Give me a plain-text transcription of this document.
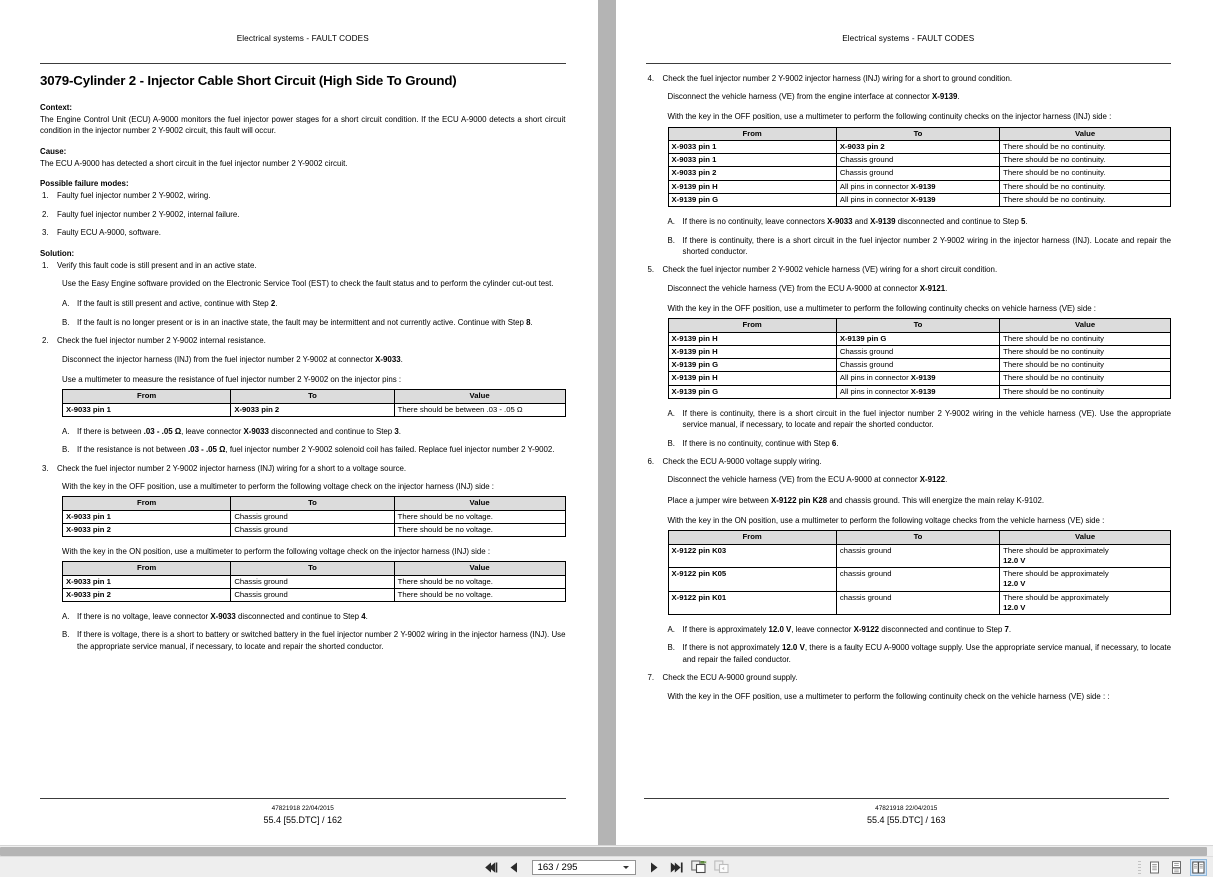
Electrical systems - FAULT CODES
3079-Cylinder 2 - Injector Cable Short Circuit (High Side To Ground)
Context:

The Engine Control Unit (ECU) A-9000 monitors the fuel injector power stages for a short circuit condition. If the ECU A-9000 detects a short circuit condition in the injector number 2 Y-9002 circuit, this fault will occur.

Cause:

The ECU A-9000 has detected a short circuit in the fuel injector number 2 Y-9002 circuit.

Possible failure modes:
1.	Faulty fuel injector number 2 Y-9002, wiring.
2.	Faulty fuel injector number 2 Y-9002, internal failure.
3.	Faulty ECU A-9000, software.
Solution:
1.	Verify this fault code is still present and in an active state.

Use the Easy Engine software provided on the Electronic Service Tool (EST) to check the fault status and to perform the cylinder cut-out test.

A. If the fault is still present and active, continue with Step 2.
B. If the fault is no longer present or is in an inactive state, the fault may be intermittent and not currently active. Continue with Step 8.
2.	Check the fuel injector number 2 Y-9002 internal resistance.

Disconnect the injector harness (INJ) from the fuel injector number 2 Y-9002 at connector X-9033.

Use a multimeter to measure the resistance of fuel injector number 2 Y-9002 on the injector pins :

From	To	Value
X-9033 pin 1	X-9033 pin 2	There should be between .03 - .05 Ω
A. If there is between .03 - .05 Ω, leave connector X-9033 disconnected and continue to Step 3.
B. If the resistance is not between .03 - .05 Ω, fuel injector number 2 Y-9002 solenoid coil has failed. Replace fuel injector number 2 Y-9002.
3.	Check the fuel injector number 2 Y-9002 injector harness (INJ) wiring for a short to a voltage source.

With the key in the OFF position, use a multimeter to perform the following voltage check on the injector harness (INJ) side :

From	To	Value
X-9033 pin 1	Chassis ground	There should be no voltage.
X-9033 pin 2	Chassis ground	There should be no voltage.

With the key in the ON position, use a multimeter to perform the following voltage check on the injector harness (INJ) side :

From	To	Value
X-9033 pin 1	Chassis ground	There should be no voltage.
X-9033 pin 2	Chassis ground	There should be no voltage.
A. If there is no voltage, leave connector X-9033 disconnected and continue to Step 4.
B. If there is voltage, there is a short to battery or switched battery in the fuel injector number 2 Y-9002 wiring in the injector harness (INJ). Use the appropriate service manual, if necessary, to locate and repair the shorted conductor.
47821918 22/04/2015
55.4 [55.DTC] / 162
Electrical systems - FAULT CODES
4.	Check the fuel injector number 2 Y-9002 injector harness (INJ) wiring for a short to ground condition.

Disconnect the vehicle harness (VE) from the engine interface at connector X-9139.

With the key in the OFF position, use a multimeter to perform the following continuity checks on the injector harness (INJ) side :

From	To	Value
X-9033 pin 1	X-9033 pin 2	There should be no continuity.
X-9033 pin 1	Chassis ground	There should be no continuity.
X-9033 pin 2	Chassis ground	There should be no continuity.
X-9139 pin H	All pins in connector X-9139	There should be no continuity.
X-9139 pin G	All pins in connector X-9139	There should be no continuity.
A. If there is no continuity, leave connectors X-9033 and X-9139 disconnected and continue to Step 5.
B. If there is continuity, there is a short circuit in the fuel injector number 2 Y-9002 wiring in the injector harness (INJ). Locate and repair the shorted conductor.
5.	Check the fuel injector number 2 Y-9002 vehicle harness (VE) wiring for a short circuit condition.

Disconnect the vehicle harness (VE) from the ECU A-9000 at connector X-9121.

With the key in the OFF position, use a multimeter to perform the following continuity checks on vehicle harness (VE) side :

From	To	Value
X-9139 pin H	X-9139 pin G	There should be no continuity
X-9139 pin H	Chassis ground	There should be no continuity
X-9139 pin G	Chassis ground	There should be no continuity
X-9139 pin H	All pins in connector X-9139	There should be no continuity
X-9139 pin G	All pins in connector X-9139	There should be no continuity
A. If there is continuity, there is a short circuit in the fuel injector number 2 Y-9002 wiring in the vehicle harness (VE). Use the appropriate service manual, if necessary, to locate and repair the shorted conductor.
B. If there is no continuity, continue with Step 6.
6.	Check the ECU A-9000 voltage supply wiring.

Disconnect the vehicle harness (VE) from the ECU A-9000 at connector X-9122.

Place a jumper wire between X-9122 pin K28 and chassis ground. This will energize the main relay K-9102.

With the key in the ON position, use a multimeter to perform the following voltage checks from the vehicle harness (VE) side :

From	To	Value
X-9122 pin K03	chassis ground	There should be approximately
12.0 V
X-9122 pin K05	chassis ground	There should be approximately
12.0 V
X-9122 pin K01	chassis ground	There should be approximately
12.0 V
A. If there is approximately 12.0 V, leave connector X-9122 disconnected and continue to Step 7.
B. If there is not approximately 12.0 V, there is a faulty ECU A-9000 voltage supply. Use the appropriate service manual, if necessary, to locate and repair the failed conductor.
7.	Check the ECU A-9000 ground supply.

With the key in the OFF position, use a multimeter to perform the following continuity check on the vehicle harness (VE) side : :

47821918 22/04/2015
55.4 [55.DTC] / 163
163 / 295
